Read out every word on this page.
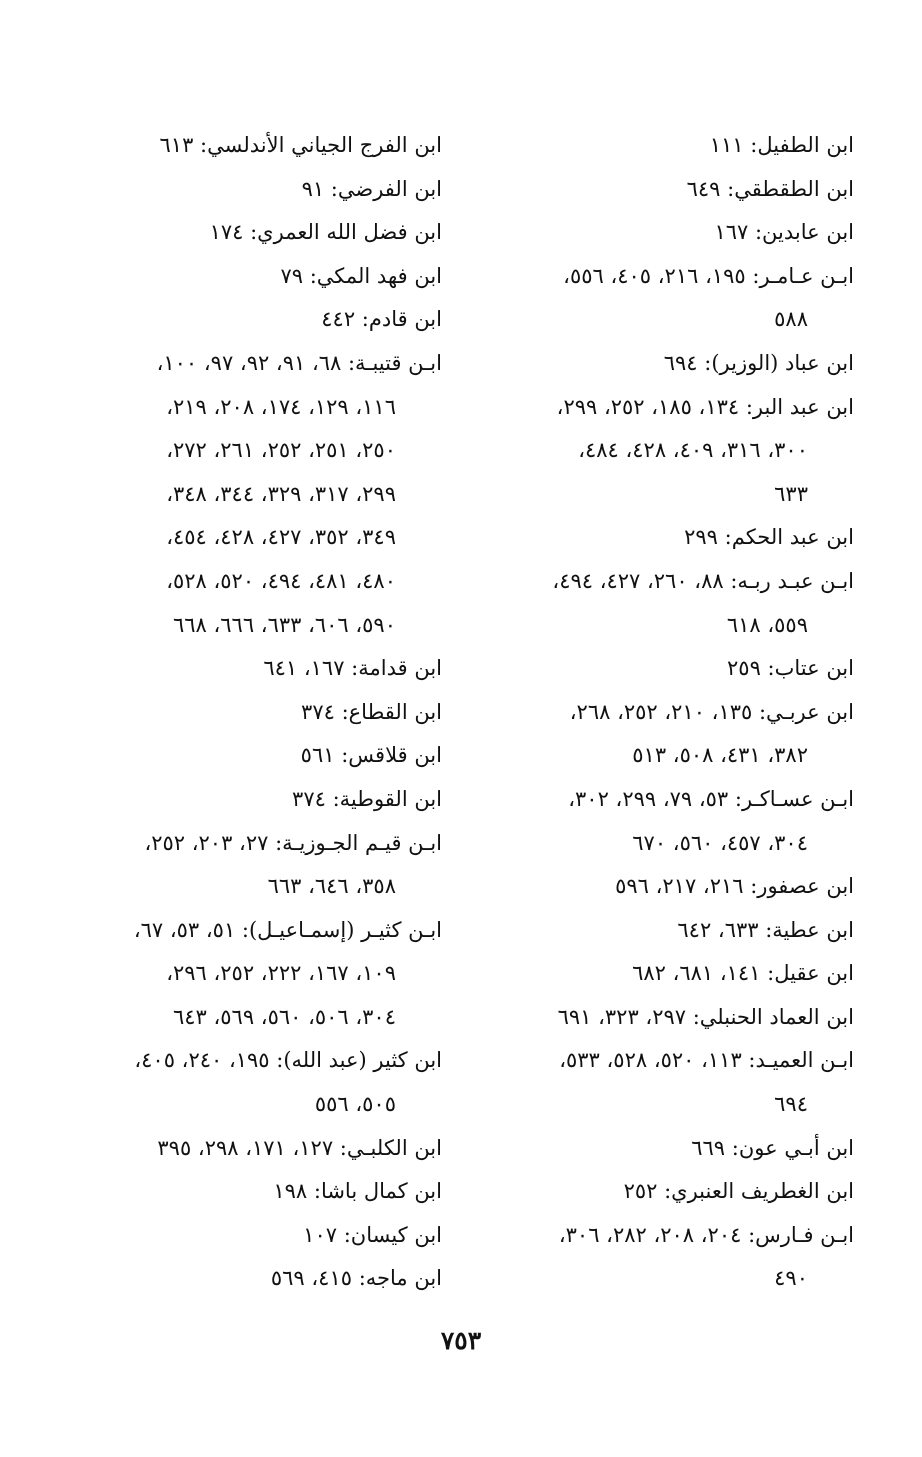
ابن الطفيل: ١١١
ابن الطقطقي: ٦٤٩
ابن عابدين: ١٦٧
ابـن عـامـر: ١٩٥، ٢١٦، ٤٠٥، ٥٥٦،
٥٨٨
ابن عباد (الوزير): ٦٩٤
ابن عبد البر: ١٣٤، ١٨٥، ٢٥٢، ٢٩٩،
٣٠٠، ٣١٦، ٤٠٩، ٤٢٨، ٤٨٤،
٦٣٣
ابن عبد الحكم: ٢٩٩
ابـن عبـد ربـه: ٨٨، ٢٦٠، ٤٢٧، ٤٩٤،
٥٥٩، ٦١٨
ابن عتاب: ٢٥٩
ابن عربـي: ١٣٥، ٢١٠، ٢٥٢، ٢٦٨،
٣٨٢، ٤٣١، ٥٠٨، ٥١٣
ابـن عسـاكـر: ٥٣، ٧٩، ٢٩٩، ٣٠٢،
٣٠٤، ٤٥٧، ٥٦٠، ٦٧٠
ابن عصفور: ٢١٦، ٢١٧، ٥٩٦
ابن عطية: ٦٣٣، ٦٤٢
ابن عقيل: ١٤١، ٦٨١، ٦٨٢
ابن العماد الحنبلي: ٢٩٧، ٣٢٣، ٦٩١
ابـن العميـد: ١١٣، ٥٢٠، ٥٢٨، ٥٣٣،
٦٩٤
ابن أبـي عون: ٦٦٩
ابن الغطريف العنبري: ٢٥٢
ابـن فـارس: ٢٠٤، ٢٠٨، ٢٨٢، ٣٠٦،
٤٩٠
ابن الفرج الجياني الأندلسي: ٦١٣
ابن الفرضي: ٩١
ابن فضل الله العمري: ١٧٤
ابن فهد المكي: ٧٩
ابن قادم: ٤٤٢
ابـن قتيبـة: ٦٨، ٩١، ٩٢، ٩٧، ١٠٠،
١١٦، ١٢٩، ١٧٤، ٢٠٨، ٢١٩،
٢٥٠، ٢٥١، ٢٥٢، ٢٦١، ٢٧٢،
٢٩٩، ٣١٧، ٣٢٩، ٣٤٤، ٣٤٨،
٣٤٩، ٣٥٢، ٤٢٧، ٤٢٨، ٤٥٤،
٤٨٠، ٤٨١، ٤٩٤، ٥٢٠، ٥٢٨،
٥٩٠، ٦٠٦، ٦٣٣، ٦٦٦، ٦٦٨
ابن قدامة: ١٦٧، ٦٤١
ابن القطاع: ٣٧٤
ابن قلاقس: ٥٦١
ابن القوطية: ٣٧٤
ابـن قيـم الجـوزيـة: ٢٧، ٢٠٣، ٢٥٢،
٣٥٨، ٦٤٦، ٦٦٣
ابـن كثيـر (إسمـاعيـل): ٥١، ٥٣، ٦٧،
١٠٩، ١٦٧، ٢٢٢، ٢٥٢، ٢٩٦،
٣٠٤، ٥٠٦، ٥٦٠، ٥٦٩، ٦٤٣
ابن كثير (عبد الله): ١٩٥، ٢٤٠، ٤٠٥،
٥٠٥، ٥٥٦
ابن الكلبـي: ١٢٧، ١٧١، ٢٩٨، ٣٩٥
ابن كمال باشا: ١٩٨
ابن كيسان: ١٠٧
ابن ماجه: ٤١٥، ٥٦٩
٧٥٣
